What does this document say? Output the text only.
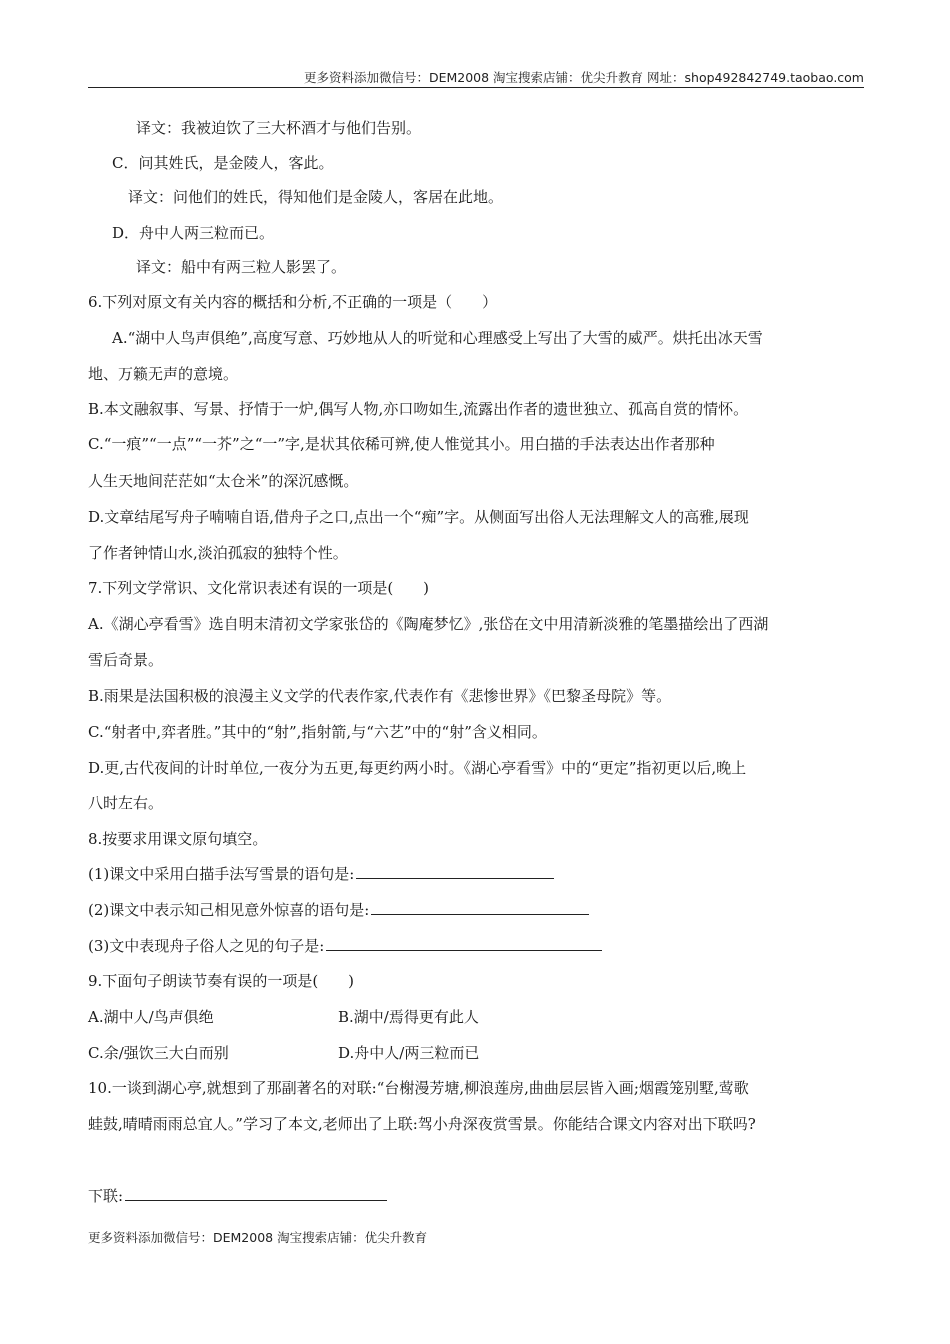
更多资料添加微信号：DEM2008 淘宝搜索店铺：优尖升教育 网址：shop492842749.taobao.com
译文：我被迫饮了三大杯酒才与他们告别。
C．问其姓氏，是金陵人，客此。
译文：问他们的姓氏，得知他们是金陵人，客居在此地。
D．舟中人两三粒而已。
译文：船中有两三粒人影罢了。
6.下列对原文有关内容的概括和分析,不正确的一项是（　　）
A.“湖中人鸟声俱绝”,高度写意、巧妙地从人的听觉和心理感受上写出了大雪的威严。烘托出冰天雪
地、万籁无声的意境。
B.本文融叙事、写景、抒情于一炉,偶写人物,亦口吻如生,流露出作者的遗世独立、孤高自赏的情怀。
C.“一痕”“一点”“一芥”之“一”字,是状其依稀可辨,使人惟觉其小。用白描的手法表达出作者那种
人生天地间茫茫如“太仓米”的深沉感慨。
D.文章结尾写舟子喃喃自语,借舟子之口,点出一个“痴”字。从侧面写出俗人无法理解文人的高雅,展现
了作者钟情山水,淡泊孤寂的独特个性。
7.下列文学常识、文化常识表述有误的一项是(　　)
A.《湖心亭看雪》选自明末清初文学家张岱的《陶庵梦忆》,张岱在文中用清新淡雅的笔墨描绘出了西湖
雪后奇景。
B.雨果是法国积极的浪漫主义文学的代表作家,代表作有《悲惨世界》《巴黎圣母院》等。
C.“射者中,弈者胜。”其中的“射”,指射箭,与“六艺”中的“射”含义相同。
D.更,古代夜间的计时单位,一夜分为五更,每更约两小时。《湖心亭看雪》中的“更定”指初更以后,晚上
八时左右。
8.按要求用课文原句填空。
(1)课文中采用白描手法写雪景的语句是:
(2)课文中表示知己相见意外惊喜的语句是:
(3)文中表现舟子俗人之见的句子是:
9.下面句子朗读节奏有误的一项是(　　)
A.湖中人/鸟声俱绝	B.湖中/焉得更有此人
C.余/强饮三大白而别	D.舟中人/两三粒而已
10.一谈到湖心亭,就想到了那副著名的对联:“台榭漫芳塘,柳浪莲房,曲曲层层皆入画;烟霞笼别墅,莺歌
蛙鼓,晴晴雨雨总宜人。”学习了本文,老师出了上联:驾小舟深夜赏雪景。你能结合课文内容对出下联吗?
下联:
更多资料添加微信号：DEM2008 淘宝搜索店铺：优尖升教育
